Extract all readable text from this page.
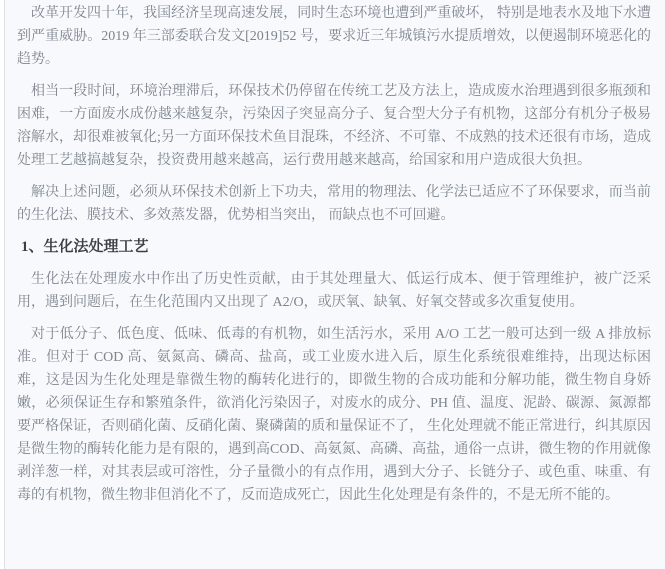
改革开发四十年，我国经济呈现高速发展，同时生态环境也遭到严重破坏， 特别是地表水及地下水遭到严重威胁。2019 年三部委联合发文[2019]52 号，要求近三年城镇污水提质增效，以便遏制环境恶化的趋势。

相当一段时间，环境治理滞后，环保技术仍停留在传统工艺及方法上，造成废水治理遇到很多瓶颈和困难，一方面废水成份越来越复杂，污染因子突显高分子、复合型大分子有机物，这部分有机分子极易溶解水，却很难被氧化;另一方面环保技术鱼目混珠，不经济、不可靠、不成熟的技术还很有市场，造成处理工艺越搞越复杂，投资费用越来越高，运行费用越来越高，给国家和用户造成很大负担。

解决上述问题，必须从环保技术创新上下功夫，常用的物理法、化学法已适应不了环保要求，而当前的生化法、膜技术、多效蒸发器，优势相当突出， 而缺点也不可回避。

1、生化法处理工艺

生化法在处理废水中作出了历史性贡献，由于其处理量大、低运行成本、便于管理维护，被广泛采用，遇到问题后，在生化范围内又出现了 A2/O，或厌氧、缺氧、好氧交替或多次重复使用。

对于低分子、低色度、低味、低毒的有机物，如生活污水，采用 A/O 工艺一般可达到一级 A 排放标准。但对于 COD 高、氨氮高、磷高、盐高，或工业废水进入后，原生化系统很难维持，出现达标困难，这是因为生化处理是靠微生物的酶转化进行的，即微生物的合成功能和分解功能，微生物自身娇嫩，必须保证生存和繁殖条件，欲消化污染因子，对废水的成分、PH 值、温度、泥龄、碳源、氮源都要严格保证，否则硝化菌、反硝化菌、聚磷菌的质和量保证不了， 生化处理就不能正常进行，纠其原因是微生物的酶转化能力是有限的，遇到高COD、高氨氮、高磷、高盐，通俗一点讲，微生物的作用就像剥洋葱一样，对其表层或可溶性，分子量微小的有点作用，遇到大分子、长链分子、或色重、味重、有毒的有机物，微生物非但消化不了，反而造成死亡，因此生化处理是有条件的，不是无所不能的。
